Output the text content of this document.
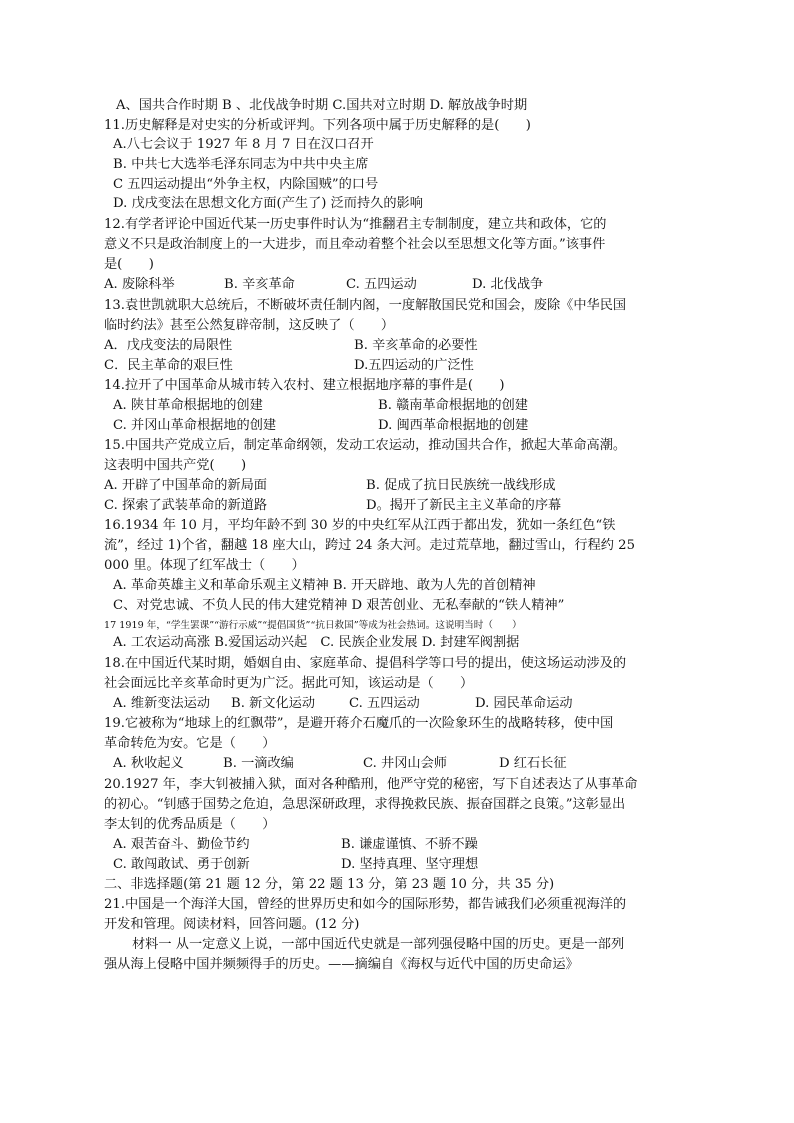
A、国共合作时期 B 、北伐战争时期 C.国共对立时期 D. 解放战争时期
11.历史解释是对史实的分析或评判。下列各项中属于历史解释的是(　　)
A.八七会议于 1927 年 8 月 7 日在汉口召开
B. 中共七大选举毛泽东同志为中共中央主席
C 五四运动提出“外争主权，内除国贼”的口号
D. 戊戌变法在思想文化方面(产生了) 泛而持久的影响
12.有学者评论中国近代某一历史事件时认为“推翻君主专制制度，建立共和政体，它的
意义不只是政治制度上的一大进步，而且牵动着整个社会以至思想文化等方面。”该事件
是(　　)
A. 废除科举	B. 辛亥革命	C. 五四运动	D. 北伐战争
13.袁世凯就职大总统后，不断破坏责任制内阁，一度解散国民党和国会，废除《中华民国
临时约法》甚至公然复辟帝制，这反映了（　　）
A．戊戌变法的局限性	B. 辛亥革命的必要性
C．民主革命的艰巨性	D.五四运动的广泛性
14.拉开了中国革命从城市转入农村、建立根据地序幕的事件是(　　)
A. 陕甘革命根据地的创建	B. 赣南革命根据地的创建
C. 并冈山革命根据地的创建	D. 闽西革命根据地的创建
15.中国共产党成立后，制定革命纲领，发动工农运动，推动国共合作，掀起大革命高潮。
这表明中国共产党(　　)
A. 开辟了中国革命的新局面	B. 促成了抗日民族统一战线形成
C. 探索了武装革命的新道路	D。揭开了新民主主义革命的序幕
16.1934 年 10 月，平均年龄不到 30 岁的中央红军从江西于都出发，犹如一条红色“铁
流”，经过 1)个省，翻越 18 座大山，跨过 24 条大河。走过荒草地，翻过雪山，行程约 25
000 里。体现了红军战士（　　）
A. 革命英雄主义和革命乐观主义精神 B. 开天辟地、敢为人先的首创精神
C、对党忠诚、不负人民的伟大建党精神 D 艰苦创业、无私奉献的“铁人精神”
17 1919 年，“学生罢课”“游行示威”“提倡国货”“抗日救国”等成为社会热词。这说明当时（　　）
A. 工农运动高涨 B.爱国运动兴起　C. 民族企业发展 D. 封建军阀割据
18.在中国近代某时期，婚姻自由、家庭革命、提倡科学等口号的提出，使这场运动涉及的
社会面远比辛亥革命时更为广泛。据此可知，该运动是（　　）
A. 维新变法运动 B. 新文化运动	C. 五四运动	D. 园民革命运动
19.它被称为“地球上的红飘带”，是避开蒋介石魔爪的一次险象环生的战略转移，使中国
革命转危为安。它是（　　）
A. 秋收起义	B. 一滴改编	C. 井冈山会师	D 红石长征
20.1927 年，李大钊被捕入狱，面对各种酷刑，他严守党的秘密，写下自述表达了从事革命
的初心。“钊感于国势之危迫，急思深研政理，求得挽救民族、振奋国群之良策。”这彰显出
李太钊的优秀品质是（　　）
A. 艰苦奋斗、勤俭节约	B. 谦虚谨慎、不骄不躁
C. 敢闯敢试、勇于创新	D. 坚持真理、坚守理想
二、非选择题(第 21 题 12 分，第 22 题 13 分，第 23 题 10 分，共 35 分)
21.中国是一个海洋大国，曾经的世界历史和如今的国际形势，都告诫我们必须重视海洋的
开发和管理。阅读材料，回答问题。(12 分)
材料一 从一定意义上说，一部中国近代史就是一部列强侵略中国的历史。更是一部列
强从海上侵略中国并频频得手的历史。——摘编自《海权与近代中国的历史命运》
